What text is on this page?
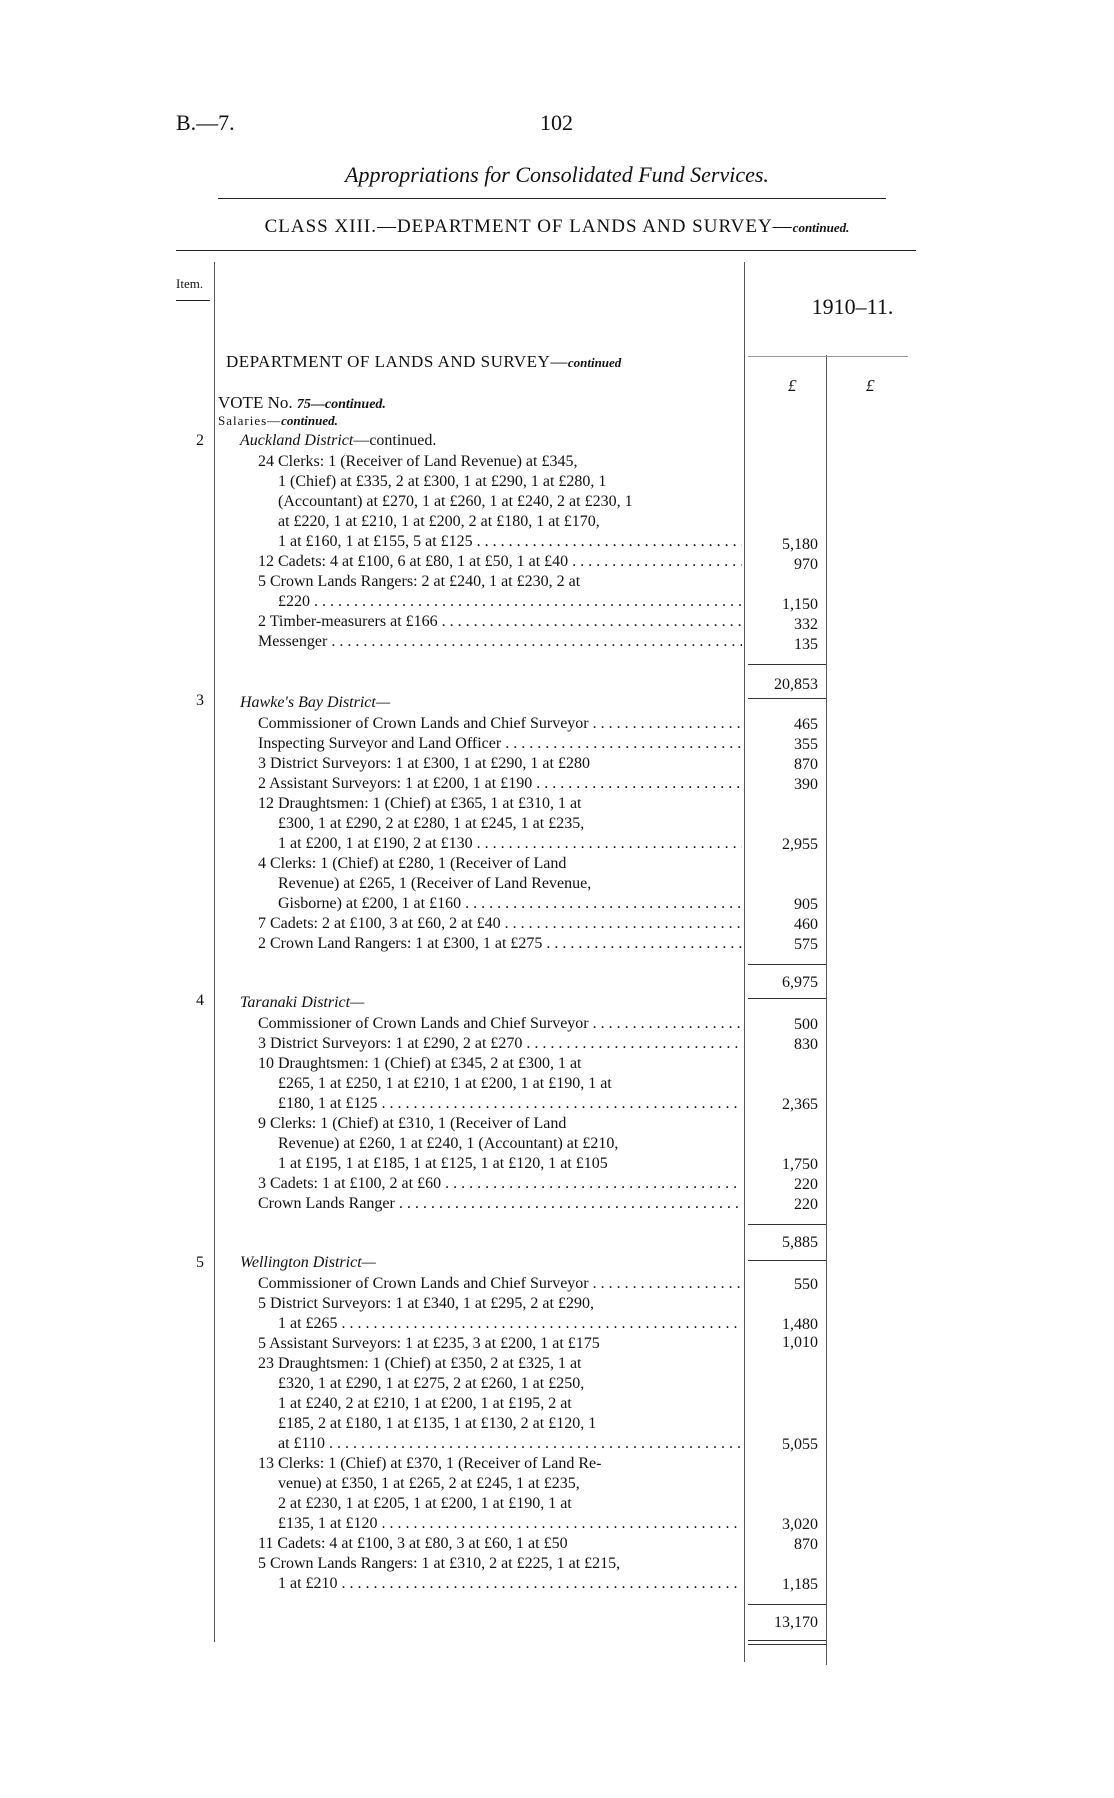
B.—7.	102
Appropriations for Consolidated Fund Services.
CLASS XIII.—DEPARTMENT OF LANDS AND SURVEY—continued.
Item.
1910–11.
£	£
DEPARTMENT OF LANDS AND SURVEY—continued
VOTE No. 75—continued.
Salaries—continued.
2 Auckland District—continued.
24 Clerks: 1 (Receiver of Land Revenue) at £345,
1 (Chief) at £335, 2 at £300, 1 at £290, 1 at £280, 1
(Accountant) at £270, 1 at £260, 1 at £240, 2 at £230, 1
at £220, 1 at £210, 1 at £200, 2 at £180, 1 at £170,
1 at £160, 1 at £155, 5 at £125 . . .	5,180
12 Cadets: 4 at £100, 6 at £80, 1 at £50, 1 at £40 . . .	970
5 Crown Lands Rangers: 2 at £240, 1 at £230, 2 at
£220 . . .	1,150
2 Timber-measurers at £166 . . .	332
Messenger . . .	135
20,853
3 Hawke's Bay District—
Commissioner of Crown Lands and Chief Surveyor . . .	465
Inspecting Surveyor and Land Officer . . .	355
3 District Surveyors: 1 at £300, 1 at £290, 1 at £280	870
2 Assistant Surveyors: 1 at £200, 1 at £190 . . .	390
12 Draughtsmen: 1 (Chief) at £365, 1 at £310, 1 at
£300, 1 at £290, 2 at £280, 1 at £245, 1 at £235,
1 at £200, 1 at £190, 2 at £130 . . .	2,955
4 Clerks: 1 (Chief) at £280, 1 (Receiver of Land
Revenue) at £265, 1 (Receiver of Land Revenue,
Gisborne) at £200, 1 at £160 . . .	905
7 Cadets: 2 at £100, 3 at £60, 2 at £40 . . .	460
2 Crown Land Rangers: 1 at £300, 1 at £275 . . .	575
6,975
4 Taranaki District—
Commissioner of Crown Lands and Chief Surveyor . . .	500
3 District Surveyors: 1 at £290, 2 at £270 . . .	830
10 Draughtsmen: 1 (Chief) at £345, 2 at £300, 1 at
£265, 1 at £250, 1 at £210, 1 at £200, 1 at £190, 1 at
£180, 1 at £125 . . .	2,365
9 Clerks: 1 (Chief) at £310, 1 (Receiver of Land
Revenue) at £260, 1 at £240, 1 (Accountant) at £210,
1 at £195, 1 at £185, 1 at £125, 1 at £120, 1 at £105	1,750
3 Cadets: 1 at £100, 2 at £60 . . .	220
Crown Lands Ranger . . .	220
5,885
5 Wellington District—
Commissioner of Crown Lands and Chief Surveyor . . .	550
5 District Surveyors: 1 at £340, 1 at £295, 2 at £290,
1 at £265 . . .	1,480
5 Assistant Surveyors: 1 at £235, 3 at £200, 1 at £175	1,010
23 Draughtsmen: 1 (Chief) at £350, 2 at £325, 1 at
£320, 1 at £290, 1 at £275, 2 at £260, 1 at £250,
1 at £240, 2 at £210, 1 at £200, 1 at £195, 2 at
£185, 2 at £180, 1 at £135, 1 at £130, 2 at £120, 1
at £110 . . .	5,055
13 Clerks: 1 (Chief) at £370, 1 (Receiver of Land Re-
venue) at £350, 1 at £265, 2 at £245, 1 at £235,
2 at £230, 1 at £205, 1 at £200, 1 at £190, 1 at
£135, 1 at £120 . . .	3,020
11 Cadets: 4 at £100, 3 at £80, 3 at £60, 1 at £50	870
5 Crown Lands Rangers: 1 at £310, 2 at £225, 1 at £215,
1 at £210 . . .	1,185
13,170
